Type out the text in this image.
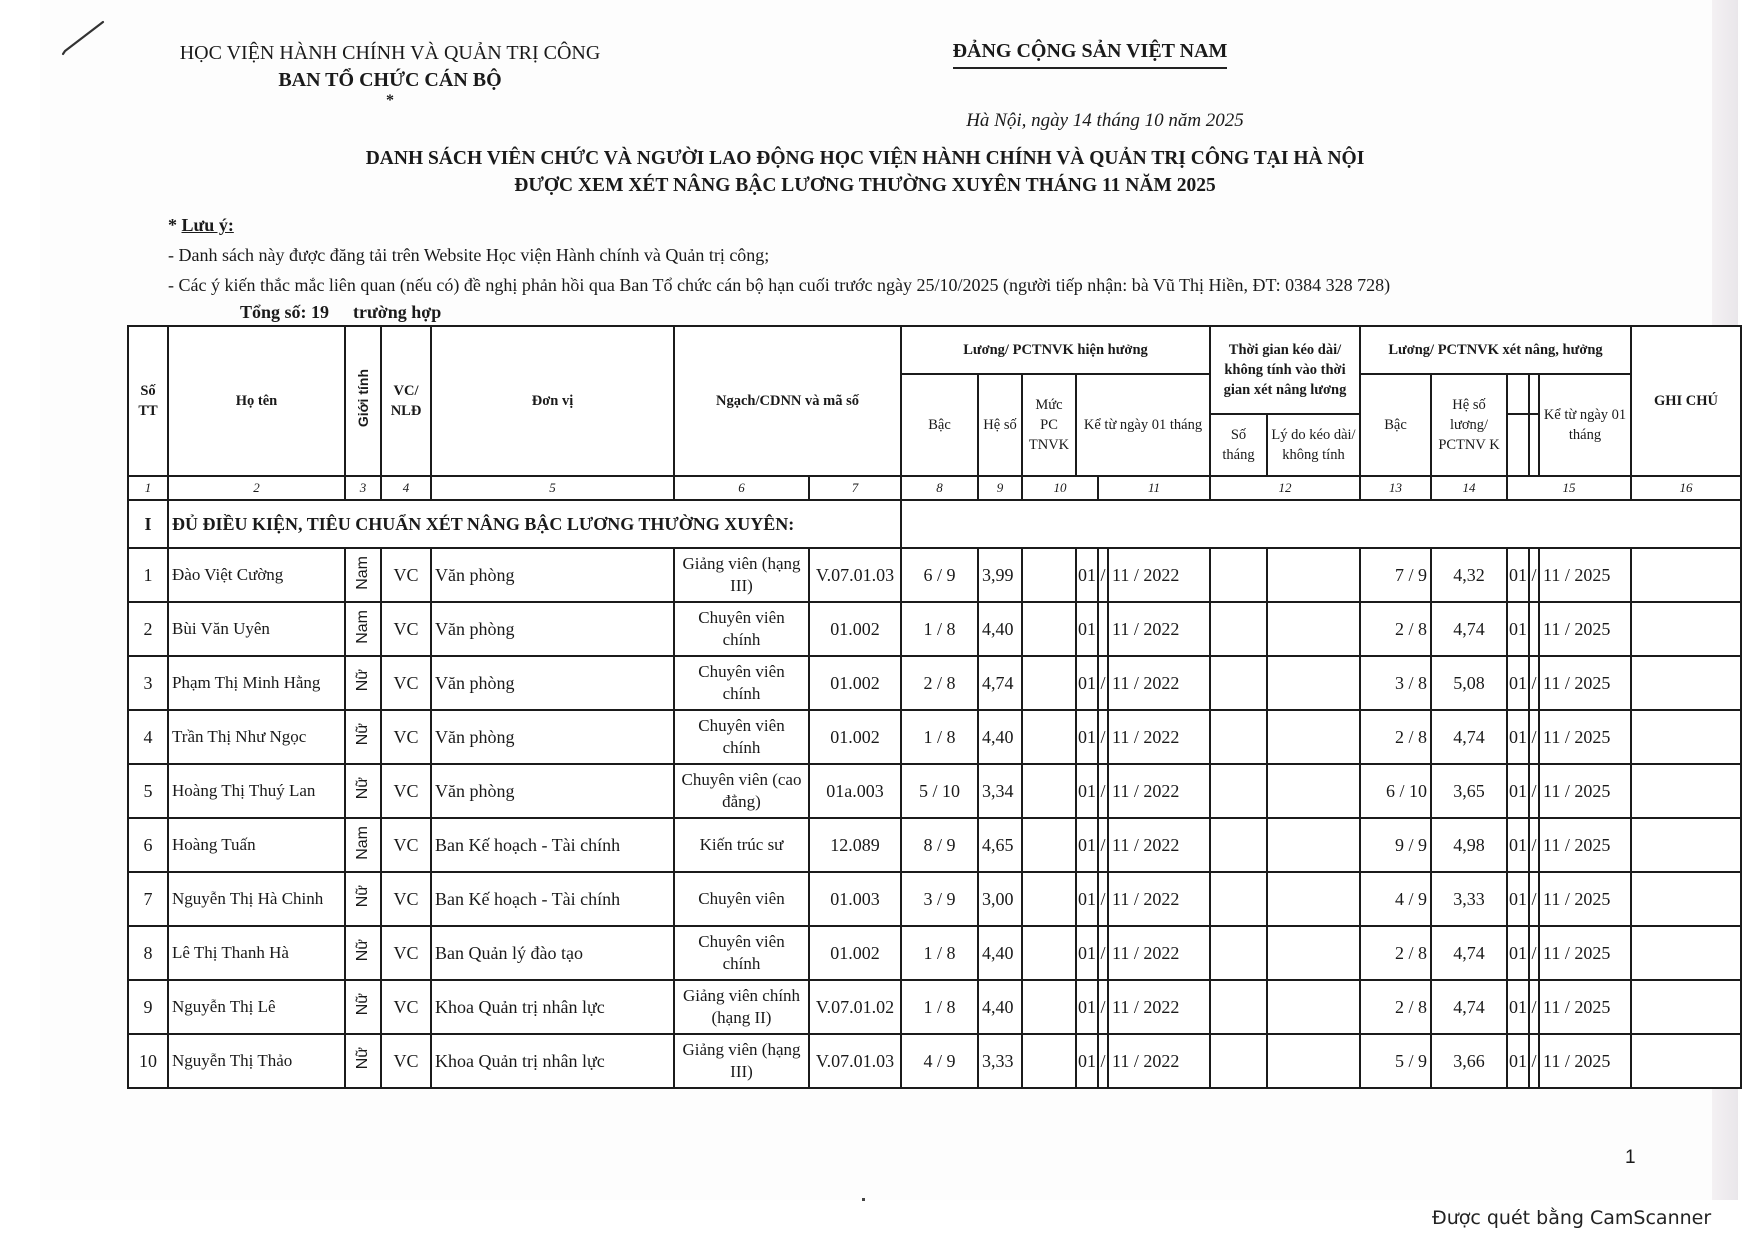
HỌC VIỆN HÀNH CHÍNH VÀ QUẢN TRỊ CÔNG
BAN TỔ CHỨC CÁN BỘ
*
ĐẢNG CỘNG SẢN VIỆT NAM
Hà Nội, ngày 14 tháng 10 năm 2025
DANH SÁCH VIÊN CHỨC VÀ NGƯỜI LAO ĐỘNG HỌC VIỆN HÀNH CHÍNH VÀ QUẢN TRỊ CÔNG TẠI HÀ NỘI
ĐƯỢC XEM XÉT NÂNG BẬC LƯƠNG THƯỜNG XUYÊN THÁNG 11 NĂM 2025
* Lưu ý:
- Danh sách này được đăng tải trên Website Học viện Hành chính và Quản trị công;
- Các ý kiến thắc mắc liên quan (nếu có) đề nghị phản hồi qua Ban Tổ chức cán bộ hạn cuối trước ngày 25/10/2025 (người tiếp nhận: bà Vũ Thị Hiền, ĐT: 0384 328 728)
Tổng số: 19 trường hợp
Số TT	Họ tên	Giới tính	VC/ NLĐ	Đơn vị	Ngạch/CDNN và mã số		Lương/ PCTNVK hiện hưởng						Thời gian kéo dài/ không tính vào thời gian xét nâng lương		Lương/ PCTNVK xét nâng, hưởng					GHI CHÚ
							Bậc	Hệ số	Mức PC TNVK	Kể từ ngày 01 tháng					Bậc	Hệ số lương/ PCTNV K			Kể từ ngày 01 tháng	
													Số tháng	Lý do kéo dài/ không tính						
1	2	3	4	5	6	7	8	9	10		11		12		13	14	15			16
I	ĐỦ ĐIỀU KIỆN, TIÊU CHUẨN XÉT NÂNG BẬC LƯƠNG THƯỜNG XUYÊN:																			
1	Đào Việt Cường	Nam	VC	Văn phòng	Giảng viên (hạng III)	V.07.01.03	6 / 9	3,99		01	/	11 / 2022			7 / 9	4,32	01	/	11 / 2025	
2	Bùi Văn Uyên	Nam	VC	Văn phòng	Chuyên viên chính	01.002	1 / 8	4,40		01		11 / 2022			2 / 8	4,74	01		11 / 2025	
3	Phạm Thị Minh Hằng	Nữ	VC	Văn phòng	Chuyên viên chính	01.002	2 / 8	4,74		01	/	11 / 2022			3 / 8	5,08	01	/	11 / 2025	
4	Trần Thị Như Ngọc	Nữ	VC	Văn phòng	Chuyên viên chính	01.002	1 / 8	4,40		01	/	11 / 2022			2 / 8	4,74	01	/	11 / 2025	
5	Hoàng Thị Thuý Lan	Nữ	VC	Văn phòng	Chuyên viên (cao đẳng)	01a.003	5 / 10	3,34		01	/	11 / 2022			6 / 10	3,65	01	/	11 / 2025	
6	Hoàng Tuấn	Nam	VC	Ban Kế hoạch - Tài chính	Kiến trúc sư	12.089	8 / 9	4,65		01	/	11 / 2022			9 / 9	4,98	01	/	11 / 2025	
7	Nguyễn Thị Hà Chinh	Nữ	VC	Ban Kế hoạch - Tài chính	Chuyên viên	01.003	3 / 9	3,00		01	/	11 / 2022			4 / 9	3,33	01	/	11 / 2025	
8	Lê Thị Thanh Hà	Nữ	VC	Ban Quản lý đào tạo	Chuyên viên chính	01.002	1 / 8	4,40		01	/	11 / 2022			2 / 8	4,74	01	/	11 / 2025	
9	Nguyễn Thị Lê	Nữ	VC	Khoa Quản trị nhân lực	Giảng viên chính (hạng II)	V.07.01.02	1 / 8	4,40		01	/	11 / 2022			2 / 8	4,74	01	/	11 / 2025	
10	Nguyễn Thị Thảo	Nữ	VC	Khoa Quản trị nhân lực	Giảng viên (hạng III)	V.07.01.03	4 / 9	3,33		01	/	11 / 2022			5 / 9	3,66	01	/	11 / 2025	
1
Được quét bằng CamScanner
